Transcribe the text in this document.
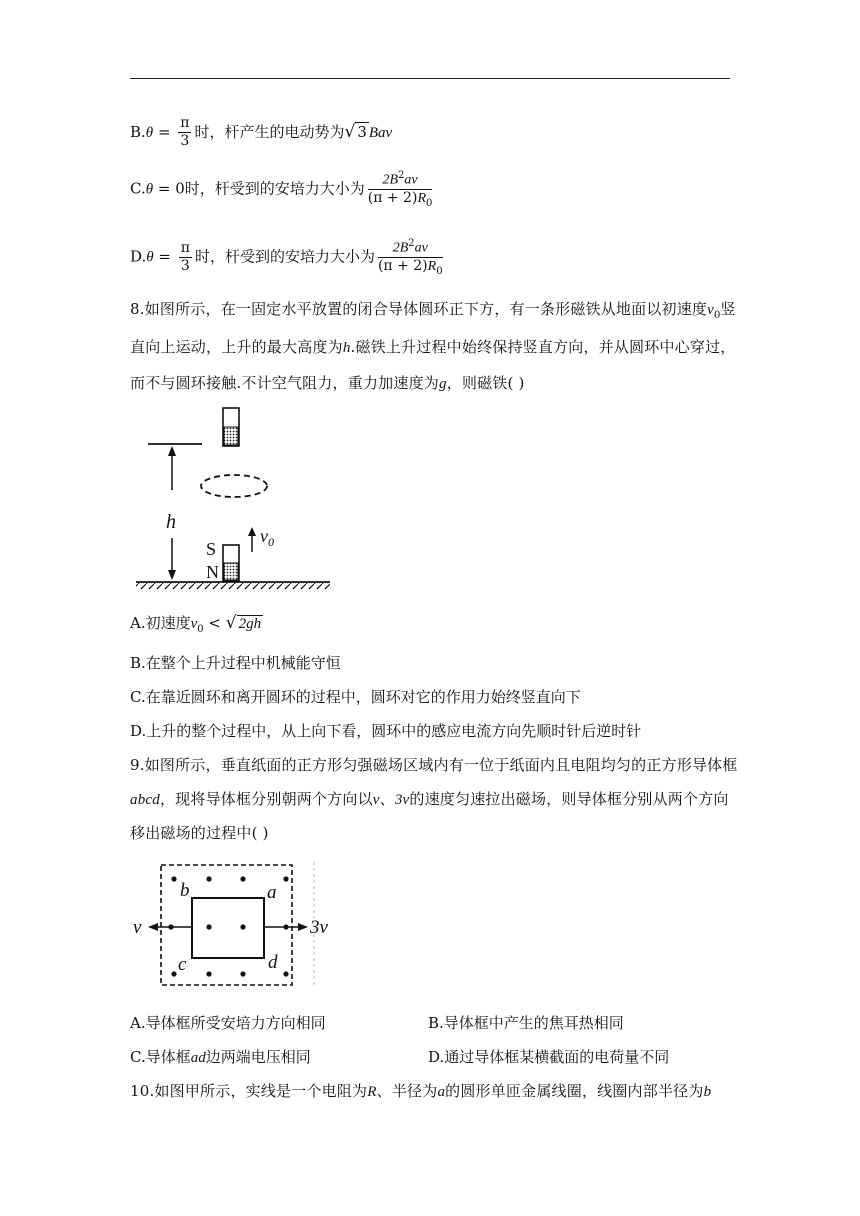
$B.\theta = \frac{\pi}{3}$ 时，杆产生的电动势为√ 3 Bav
C.θ = 0时，杆受到的安培力大小为 $\frac{2B^2av}{(\pi + 2)R_0}$
$D.\theta = \frac{\pi}{3}$ 时，杆受到的安培力大小为 $\frac{2B^2av}{(\pi + 2)R_0}$
8.如图所示，在一固定水平放置的闭合导体圆环正下方，有一条形磁铁从地面以初速度$v_0$竖
直向上运动，上升的最大高度为h.磁铁上升过程中始终保持竖直方向，并从圆环中心穿过，
而不与圆环接触.不计空气阻力，重力加速度为g，则磁铁( )
h
S
N
$v_0$
A.初速度$v_0$ < √ 2gh
B.在整个上升过程中机械能守恒
C.在靠近圆环和离开圆环的过程中，圆环对它的作用力始终竖直向下
D.上升的整个过程中，从上向下看，圆环中的感应电流方向先顺时针后逆时针
9.如图所示，垂直纸面的正方形匀强磁场区域内有一位于纸面内且电阻均匀的正方形导体框
abcd，现将导体框分别朝两个方向以v、3v的速度匀速拉出磁场，则导体框分别从两个方向
移出磁场的过程中( )
b	a
c	d
v	3v
A.导体框所受安培力方向相同	B.导体框中产生的焦耳热相同
C.导体框ad边两端电压相同	D.通过导体框某横截面的电荷量不同
10.如图甲所示，实线是一个电阻为R、半径为a的圆形单匝金属线圈，线圈内部半径为b
